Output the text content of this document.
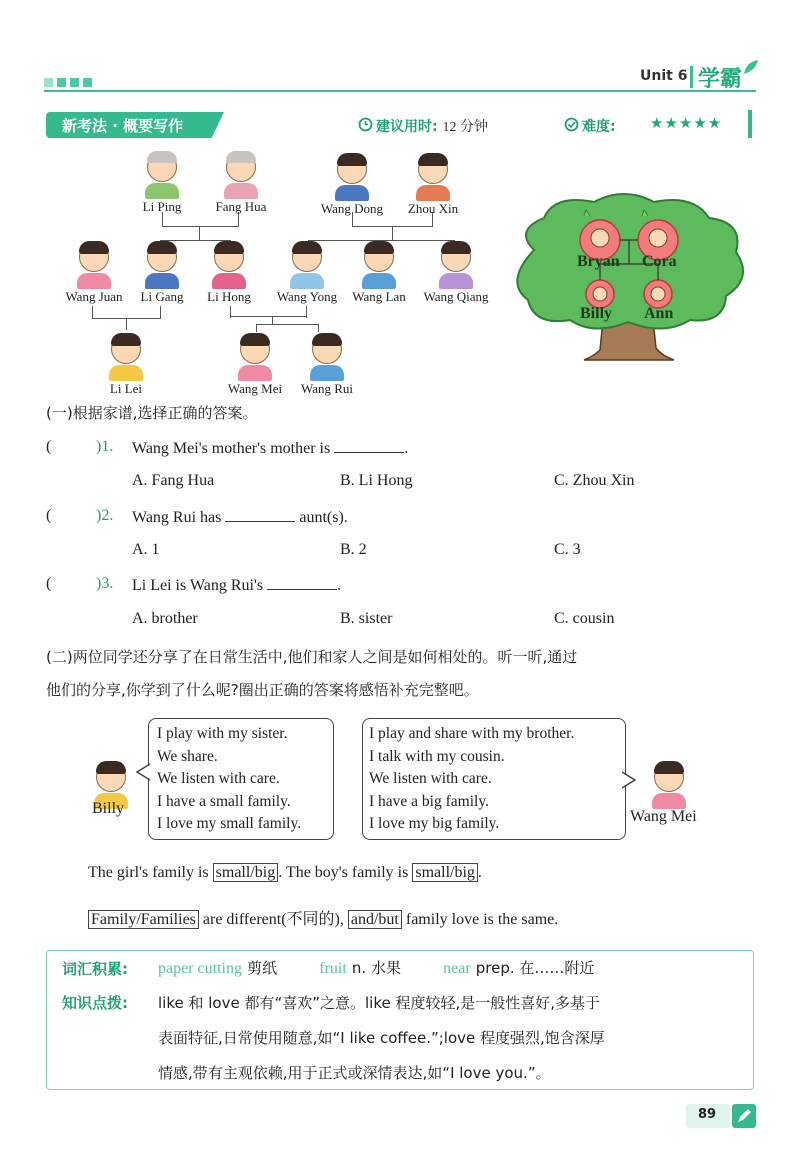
Unit 6 学霸
新考法 · 概要写作	建议用时: 12 分钟	难度: ★★★★★
Li Ping	Fang Hua	Wang Dong	Zhou Xin
Wang Juan	Li Gang	Li Hong	Wang Yong	Wang Lan	Wang Qiang
Li Lei	Wang Mei	Wang Rui
Bryan Cora
Billy Ann
(一)根据家谱,选择正确的答案。
(	)1. Wang Mei's mother's mother is	.
A. Fang Hua	B. Li Hong	C. Zhou Xin
(	)2. Wang Rui has	aunt(s).
A. 1	B. 2	C. 3
(	)3. Li Lei is Wang Rui's	.
A. brother	B. sister	C. cousin
(二)两位同学还分享了在日常生活中,他们和家人之间是如何相处的。听一听,通过
他们的分享,你学到了什么呢?圈出正确的答案将感悟补充完整吧。
Billy
I play with my sister.
We share.
We listen with care.
I have a small family.
I love my small family.
I play and share with my brother.
I talk with my cousin.
We listen with care.
I have a big family.
I love my big family.	Wang Mei
The girl's family is small/big . The boy's family is small/big .
Family/Families are different(不同的), and/but family love is the same.
词汇积累: paper cutting 剪纸	fruit n. 水果	near prep. 在……附近
知识点拨: like 和 love 都有“喜欢”之意。like 程度较轻,是一般性喜好,多基于
表面特征,日常使用随意,如“I like coffee.”;love 程度强烈,饱含深厚
情感,带有主观依赖,用于正式或深情表达,如“I love you.”。
89
